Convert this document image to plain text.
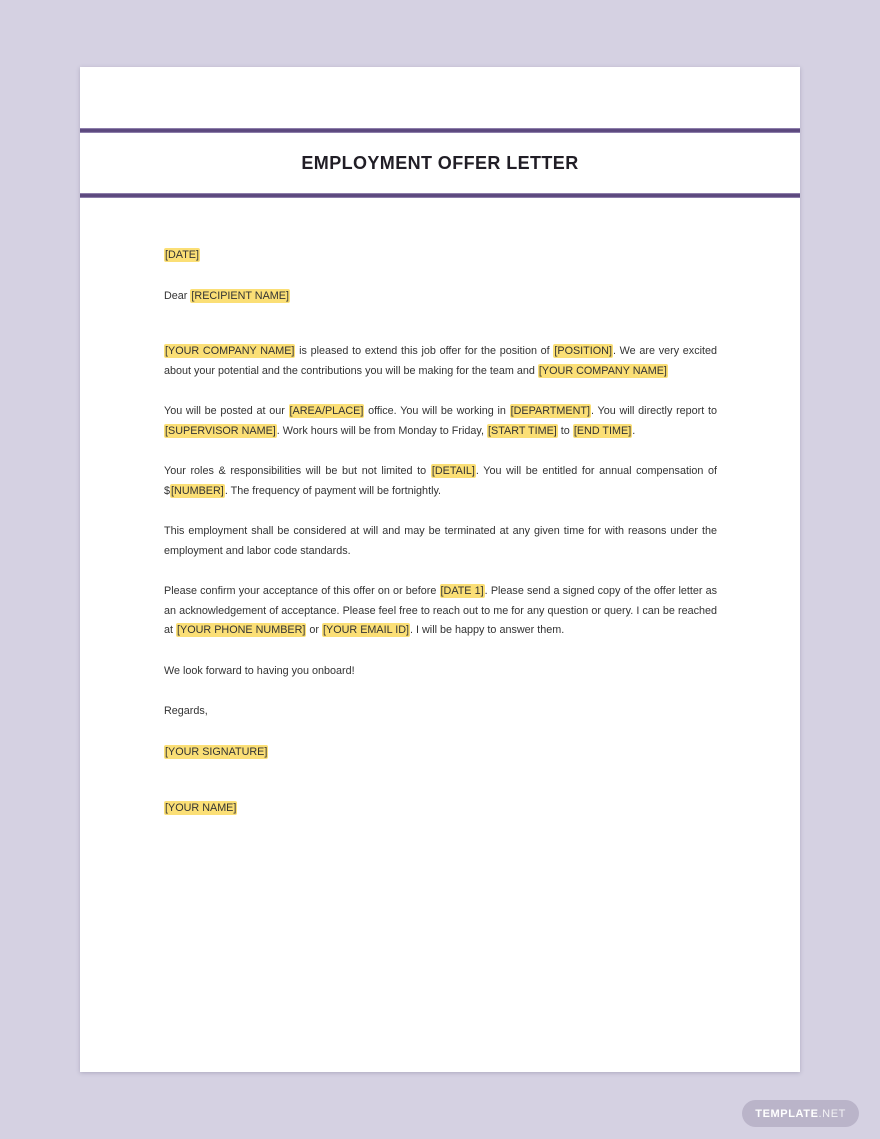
EMPLOYMENT OFFER LETTER

[DATE]

Dear [RECIPIENT NAME]

[YOUR COMPANY NAME] is pleased to extend this job offer for the position of [POSITION]. We are very excited about your potential and the contributions you will be making for the team and [YOUR COMPANY NAME]

You will be posted at our [AREA/PLACE] office. You will be working in [DEPARTMENT]. You will directly report to [SUPERVISOR NAME]. Work hours will be from Monday to Friday, [START TIME] to [END TIME].

Your roles & responsibilities will be but not limited to [DETAIL]. You will be entitled for annual compensation of $[NUMBER]. The frequency of payment will be fortnightly.

This employment shall be considered at will and may be terminated at any given time for with reasons under the employment and labor code standards.

Please confirm your acceptance of this offer on or before [DATE 1]. Please send a signed copy of the offer letter as an acknowledgement of acceptance. Please feel free to reach out to me for any question or query. I can be reached at [YOUR PHONE NUMBER] or [YOUR EMAIL ID]. I will be happy to answer them.

We look forward to having you onboard!

Regards,

[YOUR SIGNATURE]

[YOUR NAME]

TEMPLATE .NET
